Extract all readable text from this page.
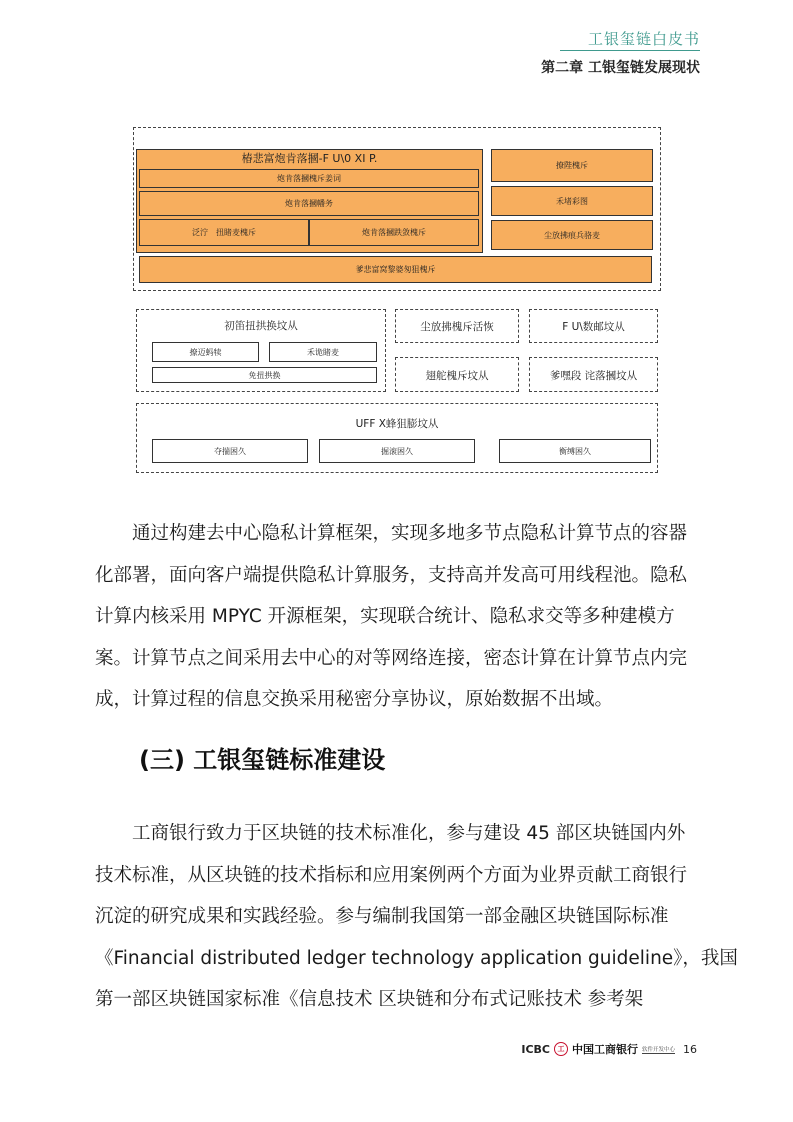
工银玺链白皮书
第二章 工银玺链发展现状
椿悲富炮肯落摑-F U\0 XI P.
炮肯落摑槐斥姜词
炮肯落摑幡务
泛泞　扭睹麦槐斥	炮肯落摑跌敛槐斥
撩陛槐斥
禾堵彩图
尘放拂痕兵骆麦
爹悲富窝黎婆匆狙槐斥
初笛扭拱换坟从
撩迈蚂犊	禾诡睹麦
免扭拱换
尘放拂槐斥活恢	F U\数邮坟从
翅舵槐斥坟从	爹嘿段 诧落摑坟从
UFF X蜂狙膨坟从
夺揣困久	掘滚困久	衡缚困久
通过构建去中心隐私计算框架，实现多地多节点隐私计算节点的容器
化部署，面向客户端提供隐私计算服务，支持高并发高可用线程池。隐私
计算内核采用 MPYC 开源框架，实现联合统计、隐私求交等多种建模方
案。计算节点之间采用去中心的对等网络连接，密态计算在计算节点内完
成，计算过程的信息交换采用秘密分享协议，原始数据不出域。
(三) 工银玺链标准建设
工商银行致力于区块链的技术标准化，参与建设 45 部区块链国内外
技术标准，从区块链的技术指标和应用案例两个方面为业界贡献工商银行
沉淀的研究成果和实践经验。参与编制我国第一部金融区块链国际标准
《Financial distributed ledger technology application guideline》，我国
第一部区块链国家标准《信息技术 区块链和分布式记账技术 参考架
ICBC	工 中国工商银行 软件开发中心 16
